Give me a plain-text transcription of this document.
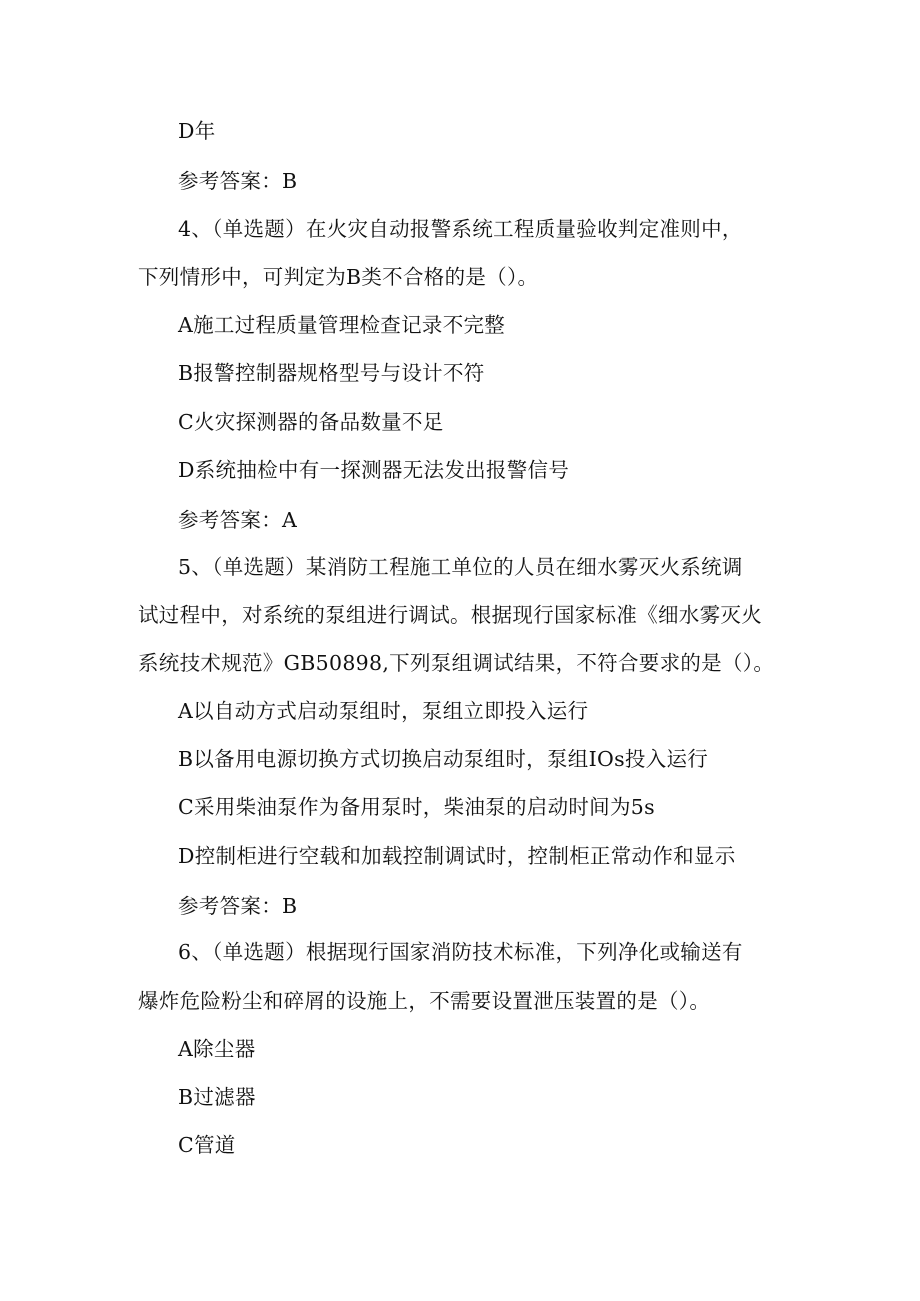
D年
参考答案：B
4、（单选题）在火灾自动报警系统工程质量验收判定准则中，
下列情形中，可判定为B类不合格的是（）。
A施工过程质量管理检查记录不完整
B报警控制器规格型号与设计不符
C火灾探测器的备品数量不足
D系统抽检中有一探测器无法发出报警信号
参考答案：A
5、（单选题）某消防工程施工单位的人员在细水雾灭火系统调
试过程中，对系统的泵组进行调试。根据现行国家标准《细水雾灭火
系统技术规范》GB50898,下列泵组调试结果，不符合要求的是（）。
A以自动方式启动泵组时，泵组立即投入运行
B以备用电源切换方式切换启动泵组时，泵组IOs投入运行
C采用柴油泵作为备用泵时，柴油泵的启动时间为5s
D控制柜进行空载和加载控制调试时，控制柜正常动作和显示
参考答案：B
6、（单选题）根据现行国家消防技术标准，下列净化或输送有
爆炸危险粉尘和碎屑的设施上，不需要设置泄压装置的是（）。
A除尘器
B过滤器
C管道
